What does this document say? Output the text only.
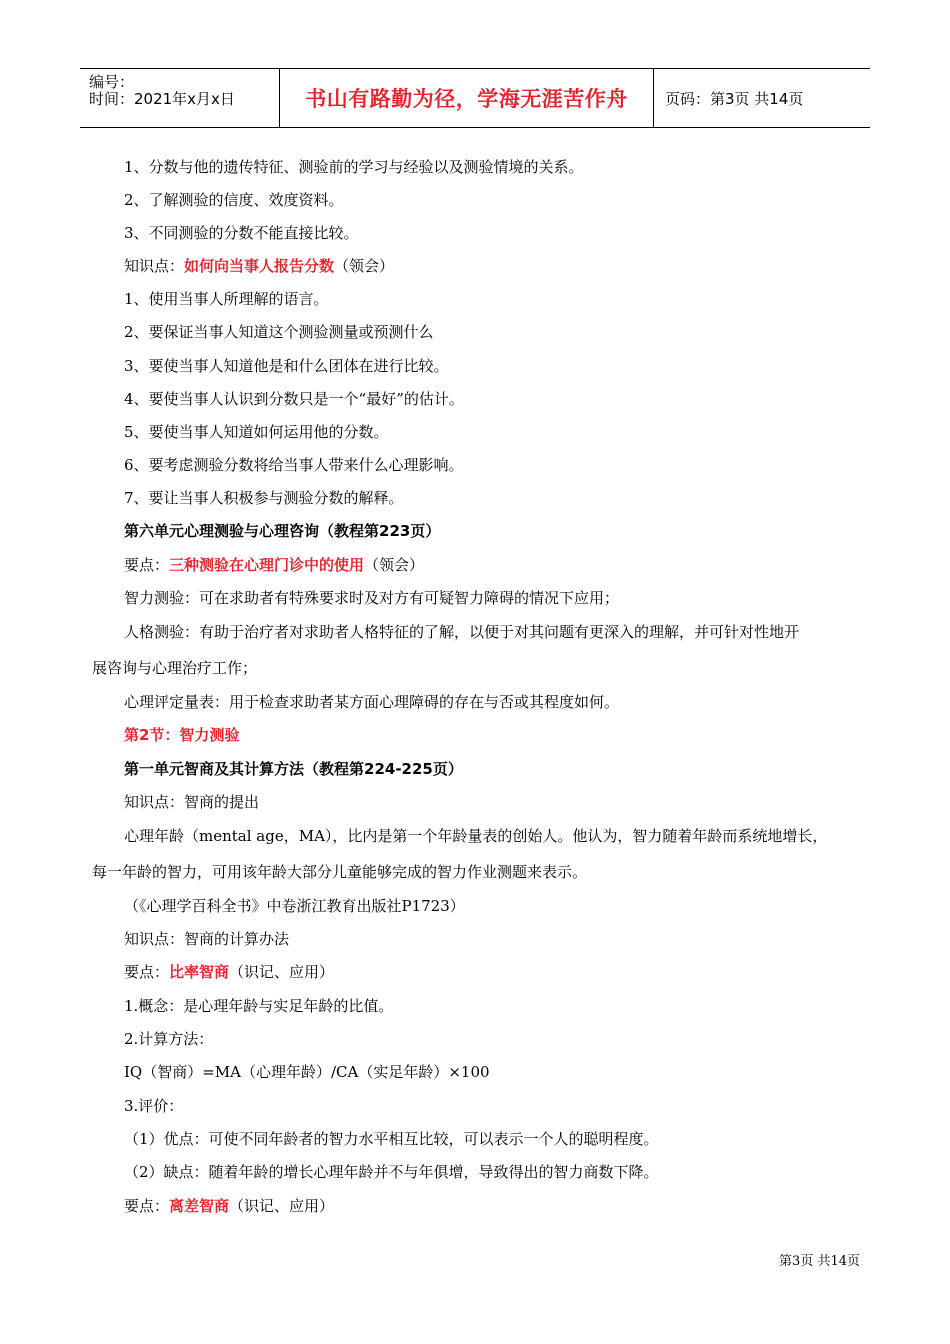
编号：
时间：2021年x月x日	书山有路勤为径，学海无涯苦作舟	页码：第3页 共14页
1、分数与他的遗传特征、测验前的学习与经验以及测验情境的关系。
2、了解测验的信度、效度资料。
3、不同测验的分数不能直接比较。
知识点：如何向当事人报告分数（领会）
1、使用当事人所理解的语言。
2、要保证当事人知道这个测验测量或预测什么
3、要使当事人知道他是和什么团体在进行比较。
4、要使当事人认识到分数只是一个“最好”的估计。
5、要使当事人知道如何运用他的分数。
6、要考虑测验分数将给当事人带来什么心理影响。
7、要让当事人积极参与测验分数的解释。
第六单元心理测验与心理咨询（教程第223页）
要点：三种测验在心理门诊中的使用（领会）
智力测验：可在求助者有特殊要求时及对方有可疑智力障碍的情况下应用；
人格测验：有助于治疗者对求助者人格特征的了解，以便于对其问题有更深入的理解，并可针对性地开
展咨询与心理治疗工作；
心理评定量表：用于检查求助者某方面心理障碍的存在与否或其程度如何。
第2节：智力测验
第一单元智商及其计算方法（教程第224-225页）
知识点：智商的提出
心理年龄（mental age，MA），比内是第一个年龄量表的创始人。他认为，智力随着年龄而系统地增长，
每一年龄的智力，可用该年龄大部分儿童能够完成的智力作业测题来表示。
（《心理学百科全书》中卷浙江教育出版社P1723）
知识点：智商的计算办法
要点：比率智商（识记、应用）
1.概念：是心理年龄与实足年龄的比值。
2.计算方法：
IQ（智商）=MA（心理年龄）/CA（实足年龄）×100
3.评价：
（1）优点：可使不同年龄者的智力水平相互比较，可以表示一个人的聪明程度。
（2）缺点：随着年龄的增长心理年龄并不与年俱增，导致得出的智力商数下降。
要点：离差智商（识记、应用）
第3页 共14页
